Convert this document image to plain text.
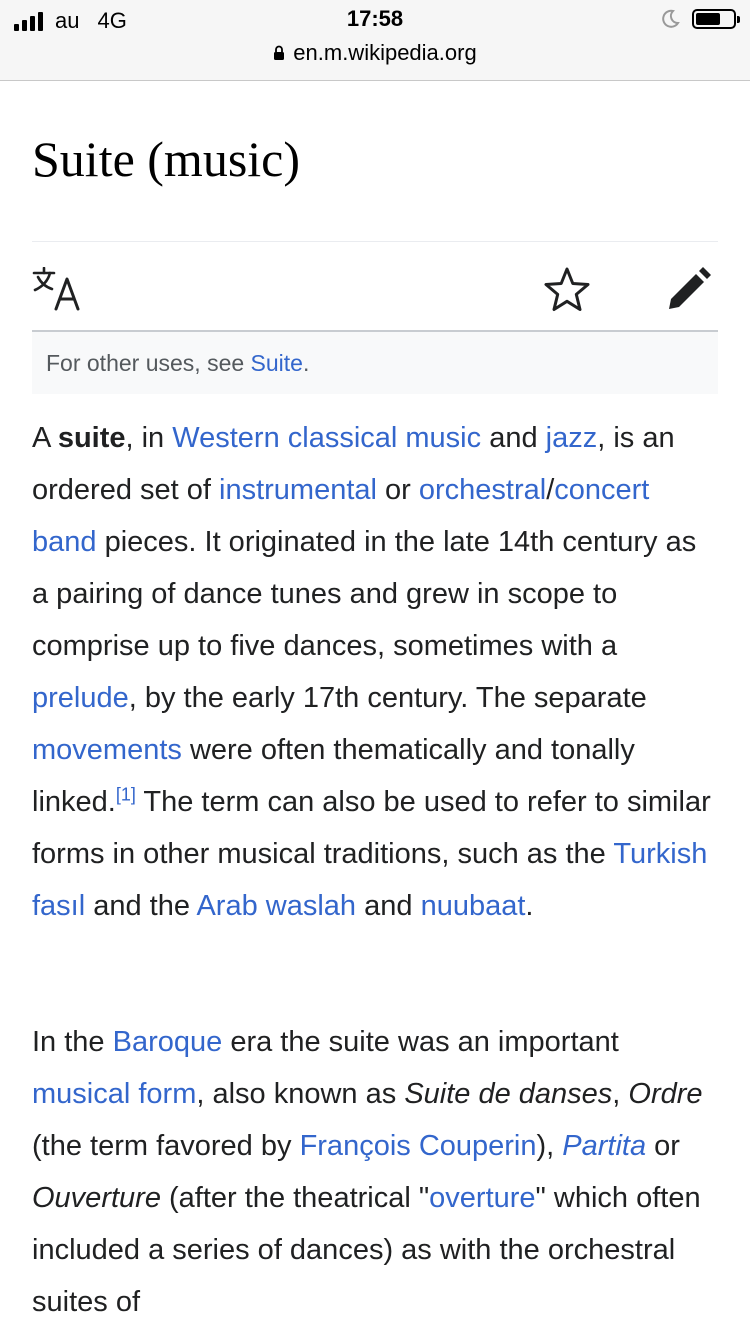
au 4G	17:58
en.m.wikipedia.org
Suite (music)
For other uses, see Suite.

A suite, in Western classical music and jazz, is an ordered set of instrumental or orchestral/concert band pieces. It originated in the late 14th century as a pairing of dance tunes and grew in scope to comprise up to five dances, sometimes with a prelude, by the early 17th century. The separate movements were often thematically and tonally linked.[1] The term can also be used to refer to similar forms in other musical traditions, such as the Turkish fasıl and the Arab waslah and nuubaat.

In the Baroque era the suite was an important musical form, also known as Suite de danses, Ordre (the term favored by François Couperin), Partita or Ouverture (after the theatrical "overture" which often included a series of dances) as with the orchestral suites of
